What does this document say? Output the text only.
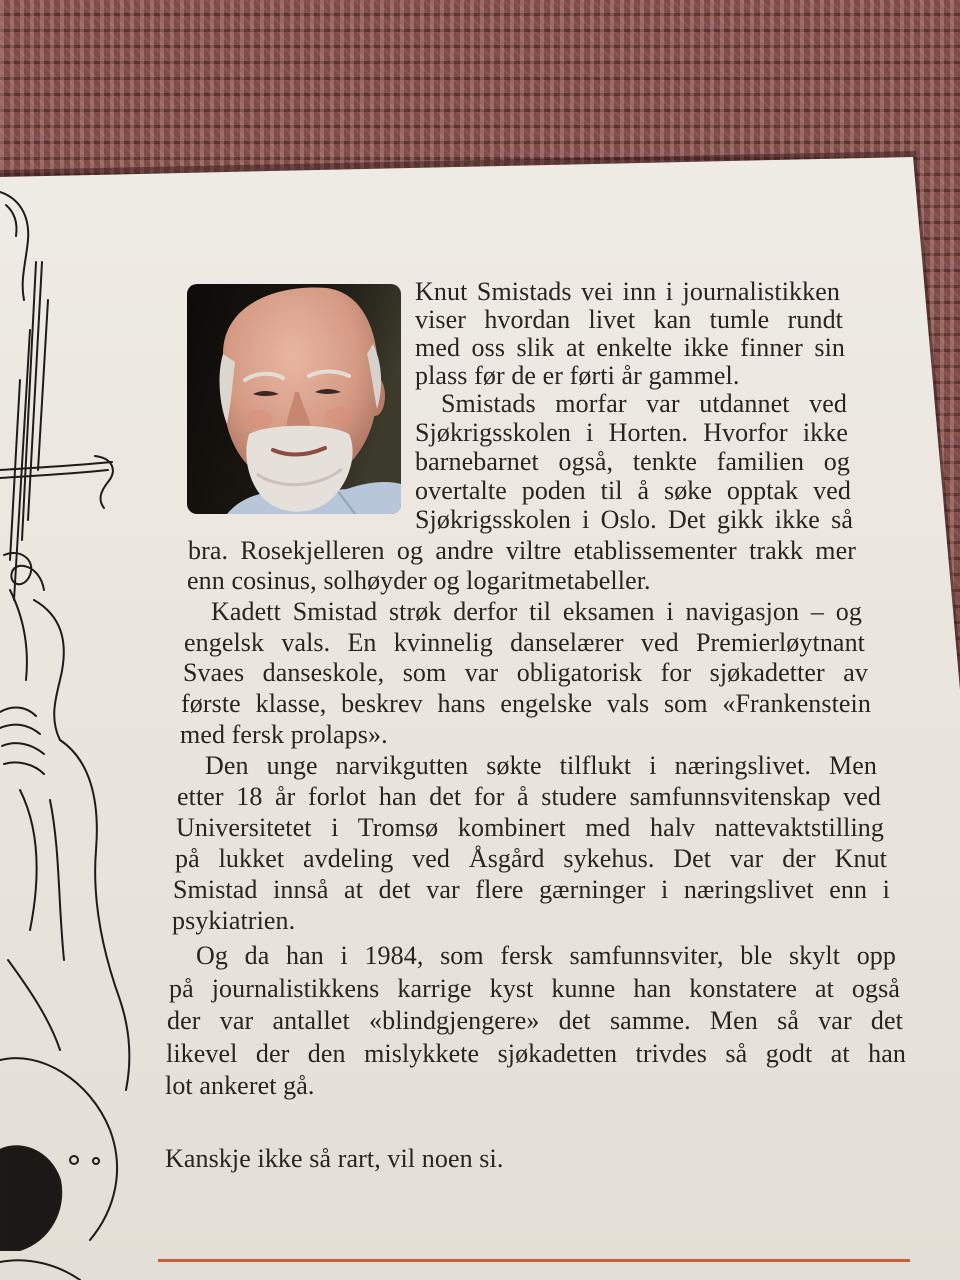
Knut Smistads vei inn i journalistikken
viser hvordan livet kan tumle rundt
med oss slik at enkelte ikke finner sin
plass før de er førti år gammel.
Smistads morfar var utdannet ved
Sjøkrigsskolen i Horten. Hvorfor ikke
barnebarnet også, tenkte familien og
overtalte poden til å søke opptak ved
Sjøkrigsskolen i Oslo. Det gikk ikke så
bra. Rosekjelleren og andre viltre etablissementer trakk mer
enn cosinus, solhøyder og logaritmetabeller.
Kadett Smistad strøk derfor til eksamen i navigasjon – og
engelsk vals. En kvinnelig danselærer ved Premierløytnant
Svaes danseskole, som var obligatorisk for sjøkadetter av
første klasse, beskrev hans engelske vals som «Frankenstein
med fersk prolaps».
Den unge narvikgutten søkte tilflukt i næringslivet. Men
etter 18 år forlot han det for å studere samfunnsvitenskap ved
Universitetet i Tromsø kombinert med halv nattevaktstilling
på lukket avdeling ved Åsgård sykehus. Det var der Knut
Smistad innså at det var flere gærninger i næringslivet enn i
psykiatrien.
Og da han i 1984, som fersk samfunnsviter, ble skylt opp
på journalistikkens karrige kyst kunne han konstatere at også
der var antallet «blindgjengere» det samme. Men så var det
likevel der den mislykkete sjøkadetten trivdes så godt at han
lot ankeret gå.
Kanskje ikke så rart, vil noen si.
